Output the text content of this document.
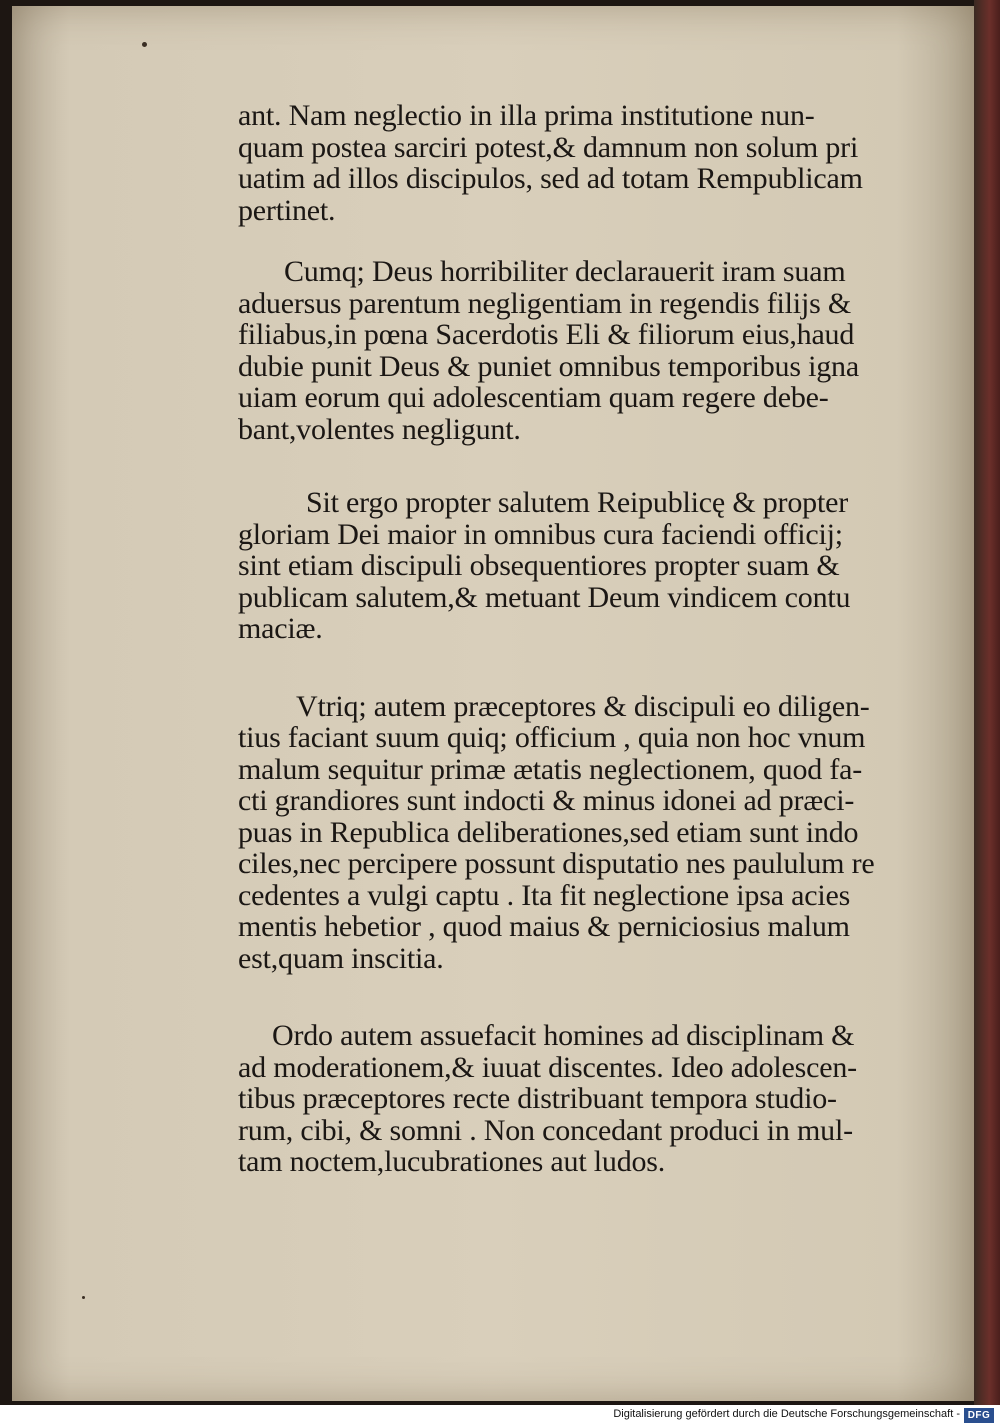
ant. Nam neglectio in illa prima institutione nun-
quam postea sarciri potest,& damnum non solum pri
uatim ad illos discipulos, sed ad totam Rempublicam
pertinet.

Cumq; Deus horribiliter declarauerit iram suam
aduersus parentum negligentiam in regendis filijs &
filiabus,in pœna Sacerdotis Eli & filiorum eius,haud
dubie punit Deus & puniet omnibus temporibus igna
uiam eorum qui adolescentiam quam regere debe-
bant,volentes negligunt.

Sit ergo propter salutem Reipublicę & propter
gloriam Dei maior in omnibus cura faciendi officij;
sint etiam discipuli obsequentiores propter suam &
publicam salutem,& metuant Deum vindicem contu
maciæ.

Vtriq; autem præceptores & discipuli eo diligen-
tius faciant suum quiq; officium , quia non hoc vnum
malum sequitur primæ ætatis neglectionem, quod fa-
cti grandiores sunt indocti & minus idonei ad præci-
puas in Republica deliberationes,sed etiam sunt indo
ciles,nec percipere possunt disputatio nes paululum re
cedentes a vulgi captu . Ita fit neglectione ipsa acies
mentis hebetior , quod maius & perniciosius malum
est,quam inscitia.

Ordo autem assuefacit homines ad disciplinam &
ad moderationem,& iuuat discentes. Ideo adolescen-
tibus præceptores recte distribuant tempora studio-
rum, cibi, & somni . Non concedant produci in mul-
tam noctem,lucubrationes aut ludos.

Digitalisierung gefördert durch die Deutsche Forschungsgemeinschaft - DFG
